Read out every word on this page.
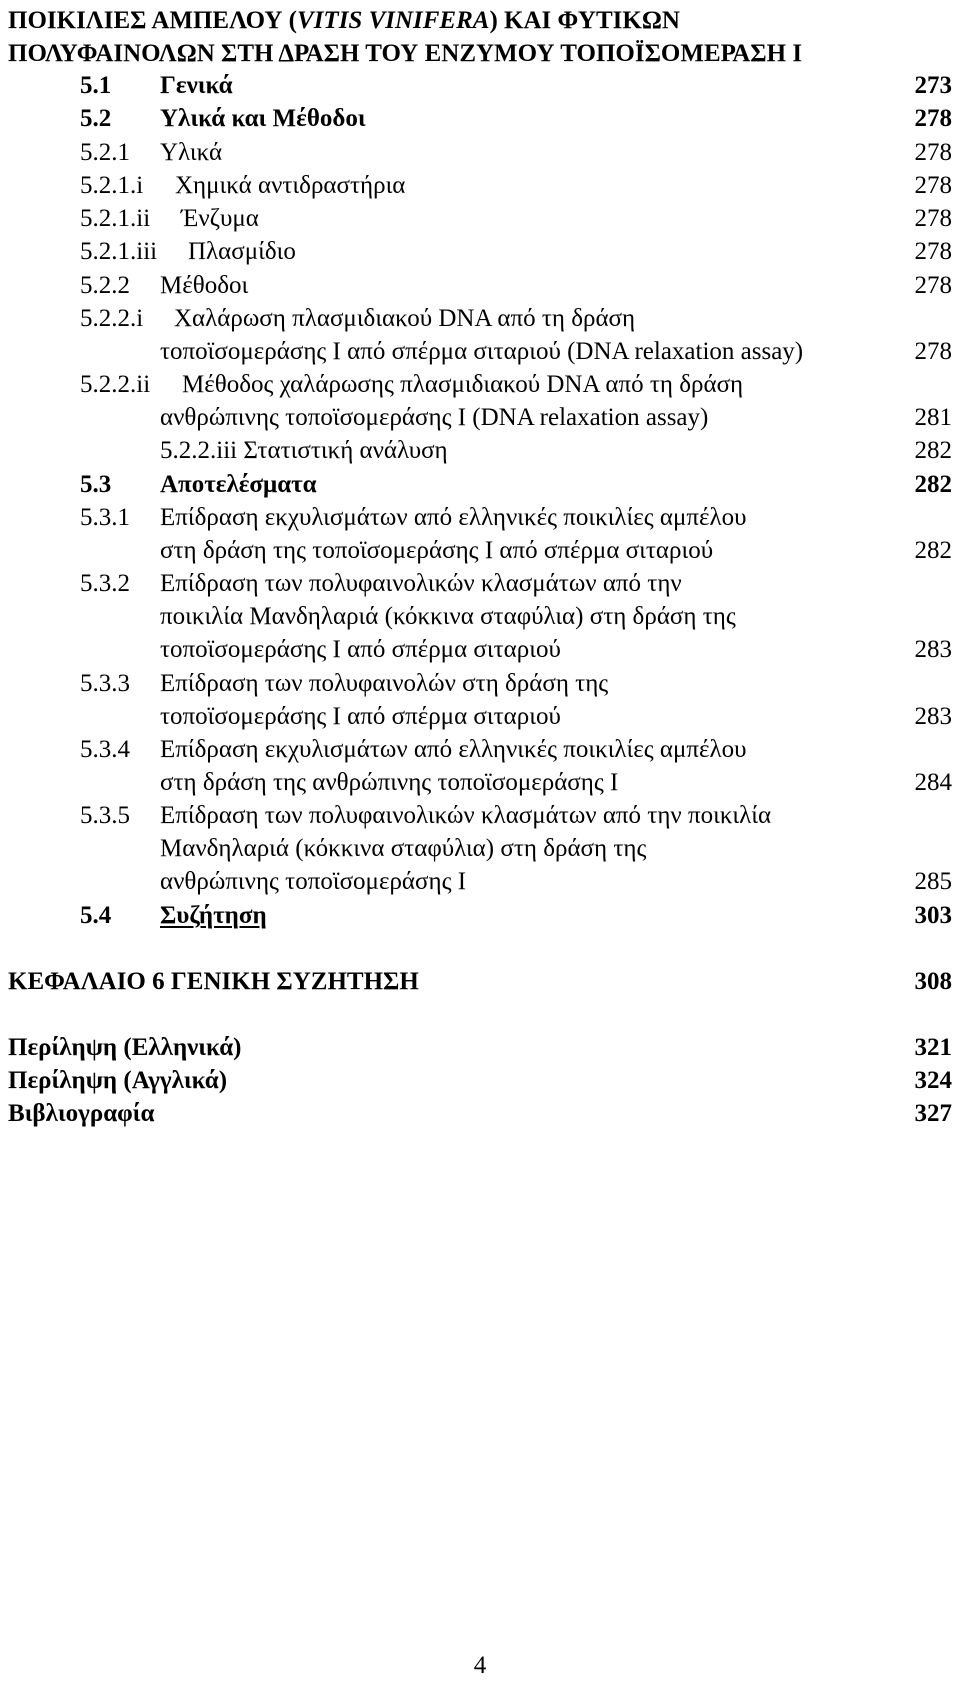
ΠΟΙΚΙΛΙΕΣ ΑΜΠΕΛΟΥ (VITIS VINIFERA) ΚΑΙ ΦΥΤΙΚΩΝ
ΠΟΛΥΦΑΙΝΟΛΩΝ ΣΤΗ ΔΡΑΣΗ ΤΟΥ ΕΝΖΥΜΟΥ ΤΟΠΟΪΣΟΜΕΡΑΣΗ Ι
5.1 Γενικά	273
5.2 Υλικά και Μέθοδοι	278
5.2.1 Υλικά	278
5.2.1.i Χημικά αντιδραστήρια	278
5.2.1.ii Ένζυμα	278
5.2.1.iii Πλασμίδιο	278
5.2.2 Μέθοδοι	278
5.2.2.i Χαλάρωση πλασμιδιακού DNA από τη δράση
τοποϊσομεράσης Ι από σπέρμα σιταριού (DNA relaxation assay)	278
5.2.2.ii Μέθοδος χαλάρωσης πλασμιδιακού DNA από τη δράση
ανθρώπινης τοποϊσομεράσης Ι (DNA relaxation assay)	281
5.2.2.iii Στατιστική ανάλυση	282
5.3 Αποτελέσματα	282
5.3.1 Επίδραση εκχυλισμάτων από ελληνικές ποικιλίες αμπέλου
στη δράση της τοποϊσομεράσης Ι από σπέρμα σιταριού	282
5.3.2 Επίδραση των πολυφαινολικών κλασμάτων από την
ποικιλία Μανδηλαριά (κόκκινα σταφύλια) στη δράση της
τοποϊσομεράσης Ι από σπέρμα σιταριού	283
5.3.3 Επίδραση των πολυφαινολών στη δράση της
τοποϊσομεράσης Ι από σπέρμα σιταριού	283
5.3.4 Επίδραση εκχυλισμάτων από ελληνικές ποικιλίες αμπέλου
στη δράση της ανθρώπινης τοποϊσομεράσης Ι	284
5.3.5 Επίδραση των πολυφαινολικών κλασμάτων από την ποικιλία
Μανδηλαριά (κόκκινα σταφύλια) στη δράση της
ανθρώπινης τοποϊσομεράσης Ι	285
5.4 Συζήτηση	303
ΚΕΦΑΛΑΙΟ 6 ΓΕΝΙΚΗ ΣΥΖΗΤΗΣΗ	308
Περίληψη (Ελληνικά)	321
Περίληψη (Αγγλικά)	324
Βιβλιογραφία	327
4
